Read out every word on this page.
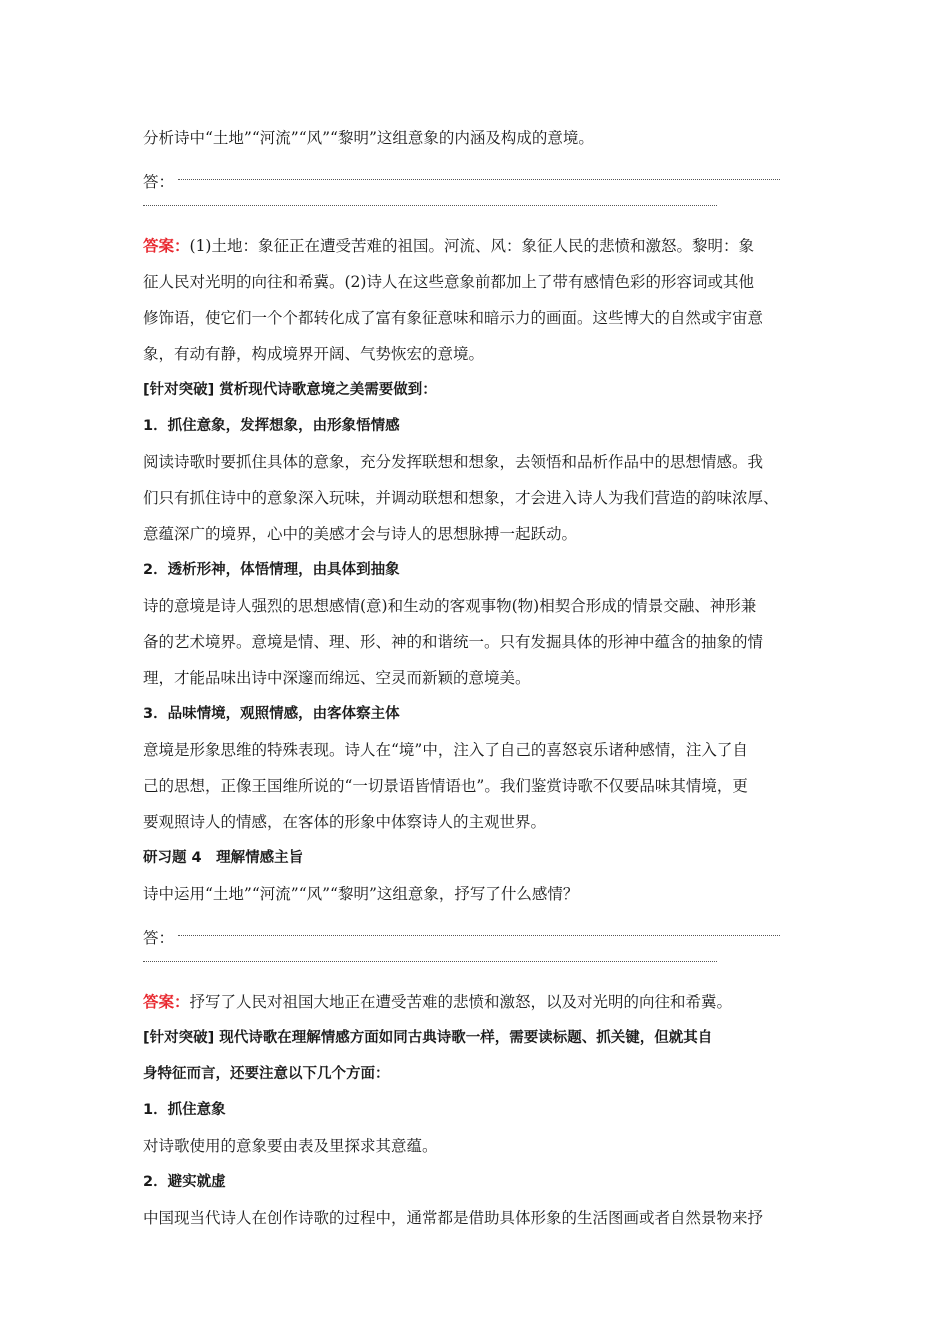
分析诗中“土地”“河流”“风”“黎明”这组意象的内涵及构成的意境。

答：

答案：(1)土地：象征正在遭受苦难的祖国。河流、风：象征人民的悲愤和激怒。黎明：象

征人民对光明的向往和希冀。(2)诗人在这些意象前都加上了带有感情色彩的形容词或其他

修饰语，使它们一个个都转化成了富有象征意味和暗示力的画面。这些博大的自然或宇宙意

象，有动有静，构成境界开阔、气势恢宏的意境。

[针对突破] 赏析现代诗歌意境之美需要做到：

1．抓住意象，发挥想象，由形象悟情感

阅读诗歌时要抓住具体的意象，充分发挥联想和想象，去领悟和品析作品中的思想情感。我

们只有抓住诗中的意象深入玩味，并调动联想和想象，才会进入诗人为我们营造的韵味浓厚、

意蕴深广的境界，心中的美感才会与诗人的思想脉搏一起跃动。

2．透析形神，体悟情理，由具体到抽象

诗的意境是诗人强烈的思想感情(意)和生动的客观事物(物)相契合形成的情景交融、神形兼

备的艺术境界。意境是情、理、形、神的和谐统一。只有发掘具体的形神中蕴含的抽象的情

理，才能品味出诗中深邃而绵远、空灵而新颖的意境美。

3．品味情境，观照情感，由客体察主体

意境是形象思维的特殊表现。诗人在“境”中，注入了自己的喜怒哀乐诸种感情，注入了自

己的思想，正像王国维所说的“一切景语皆情语也”。我们鉴赏诗歌不仅要品味其情境，更

要观照诗人的情感，在客体的形象中体察诗人的主观世界。

研习题 4　理解情感主旨

诗中运用“土地”“河流”“风”“黎明”这组意象，抒写了什么感情？

答：

答案：抒写了人民对祖国大地正在遭受苦难的悲愤和激怒，以及对光明的向往和希冀。

[针对突破] 现代诗歌在理解情感方面如同古典诗歌一样，需要读标题、抓关键，但就其自

身特征而言，还要注意以下几个方面：

1．抓住意象

对诗歌使用的意象要由表及里探求其意蕴。

2．避实就虚

中国现当代诗人在创作诗歌的过程中，通常都是借助具体形象的生活图画或者自然景物来抒
